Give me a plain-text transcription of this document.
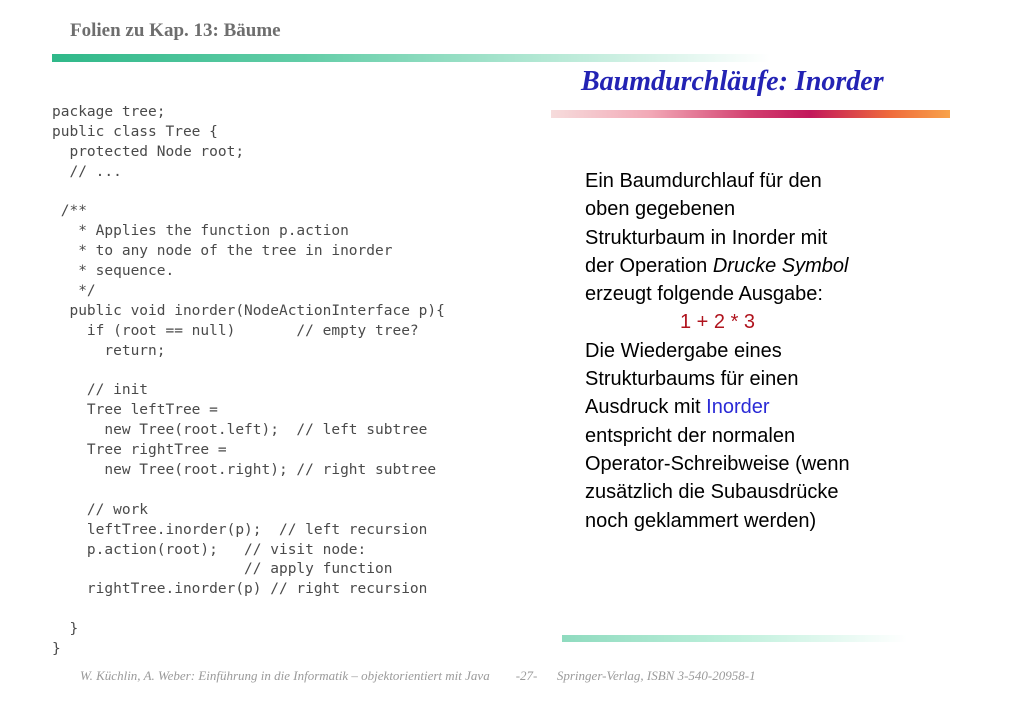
Folien zu Kap. 13: Bäume
Baumdurchläufe: Inorder
package tree;
public class Tree {
protected Node root;
// ...
/**
* Applies the function p.action
* to any node of the tree in inorder
* sequence.
*/
public void inorder(NodeActionInterface p){
if (root == null)       // empty tree?
return;
// init
Tree leftTree =
new Tree(root.left);  // left subtree
Tree rightTree =
new Tree(root.right); // right subtree
// work
leftTree.inorder(p);  // left recursion
p.action(root);   // visit node:
// apply function
rightTree.inorder(p) // right recursion
}
}
Ein Baumdurchlauf für den
oben gegebenen
Strukturbaum in Inorder mit
der Operation Drucke Symbol
erzeugt folgende Ausgabe:
1 + 2 * 3
Die Wiedergabe eines
Strukturbaums für einen
Ausdruck mit Inorder
entspricht der normalen
Operator-Schreibweise (wenn
zusätzlich die Subausdrücke
noch geklammert werden)
W. Küchlin, A. Weber: Einführung in die Informatik – objektorientiert mit Java -27- Springer-Verlag, ISBN 3-540-20958-1
